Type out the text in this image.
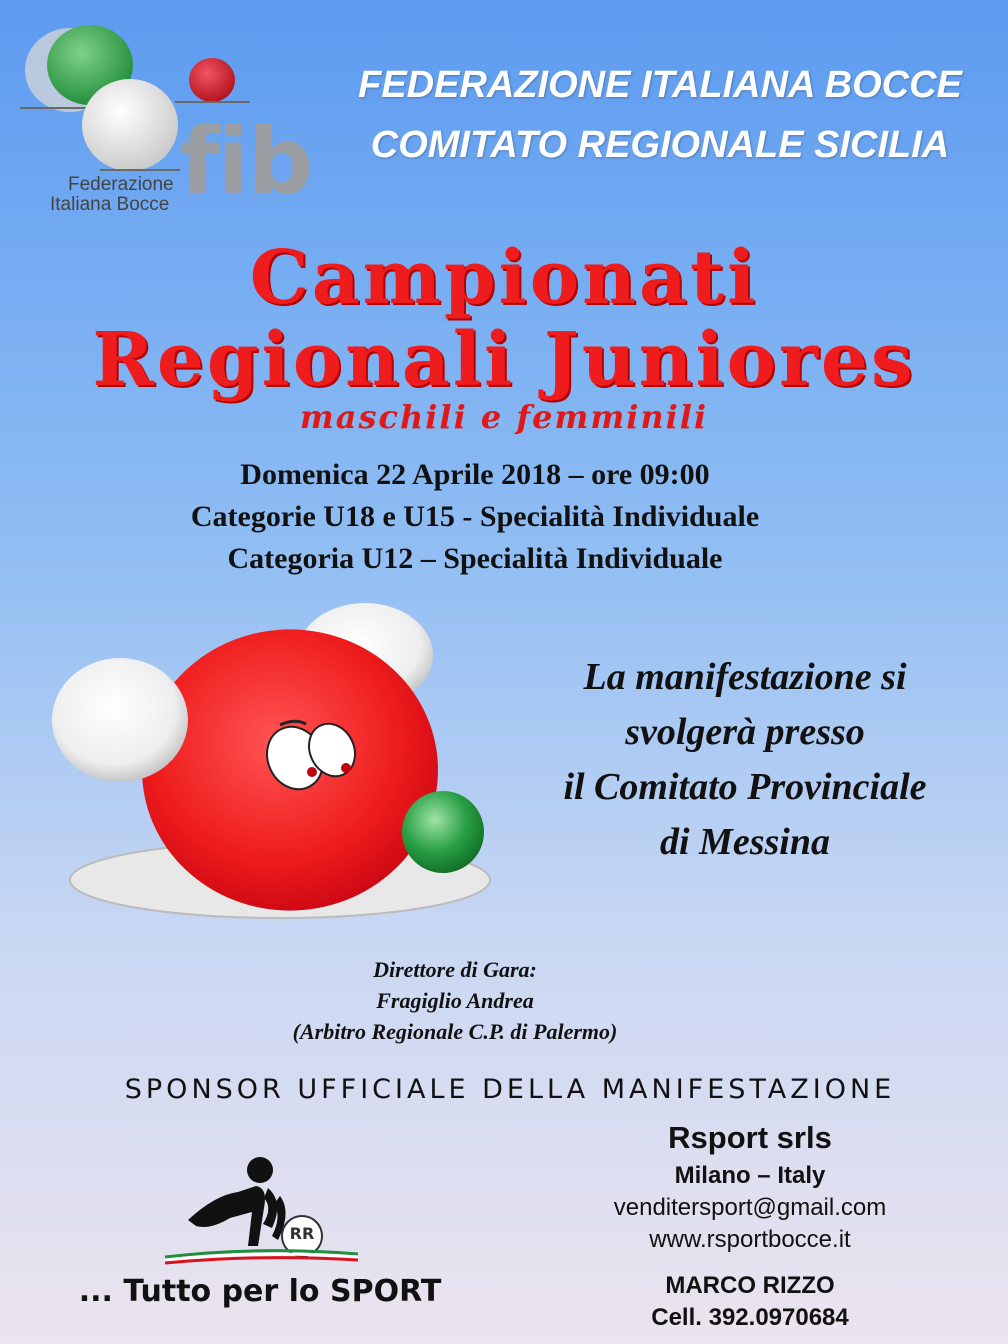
fib
Federazione
Italiana Bocce
FEDERAZIONE ITALIANA BOCCE
COMITATO REGIONALE SICILIA
Campionati
Regionali Juniores
maschili e femminili
Domenica 22 Aprile 2018 – ore 09:00
Categorie U18 e U15 - Specialità Individuale
Categoria U12 – Specialità Individuale
La manifestazione si
svolgerà presso
il Comitato Provinciale
di Messina
Direttore di Gara:
Fragiglio Andrea
(Arbitro Regionale C.P. di Palermo)
SPONSOR UFFICIALE DELLA MANIFESTAZIONE
RR
... Tutto per lo SPORT
Rsport srls
Milano – Italy
venditersport@gmail.com
www.rsportbocce.it
MARCO RIZZO
Cell. 392.0970684
